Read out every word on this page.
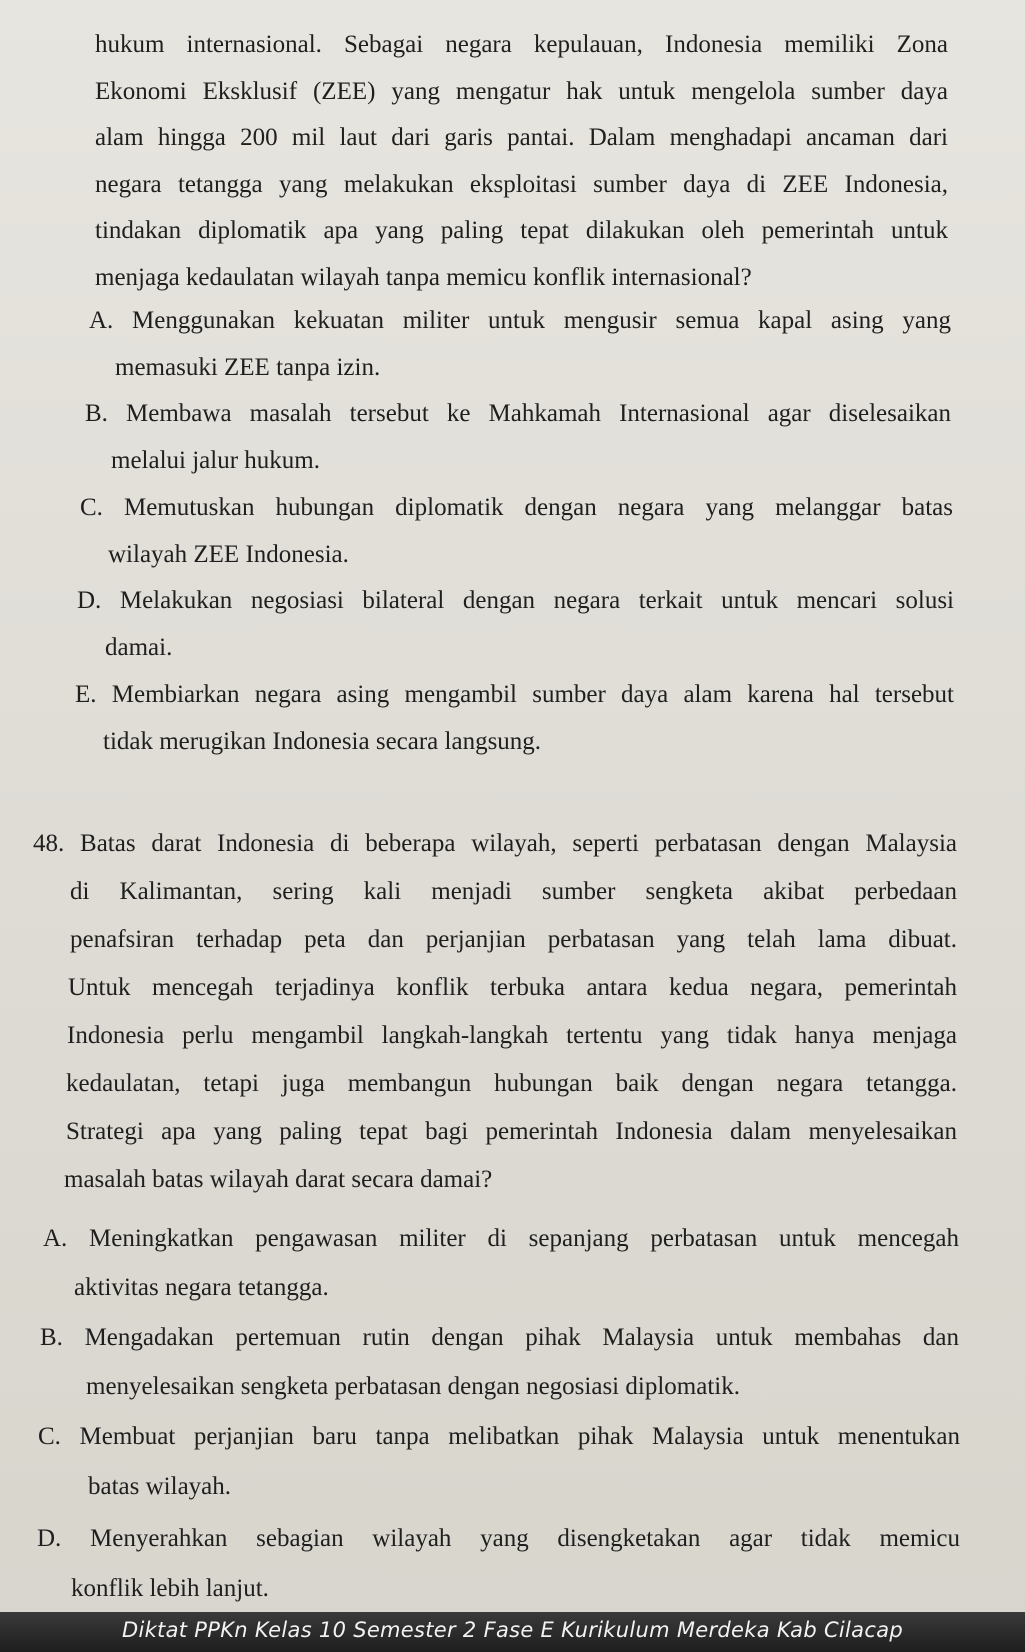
hukum internasional. Sebagai negara kepulauan, Indonesia memiliki Zona
Ekonomi Eksklusif (ZEE) yang mengatur hak untuk mengelola sumber daya
alam hingga 200 mil laut dari garis pantai. Dalam menghadapi ancaman dari
negara tetangga yang melakukan eksploitasi sumber daya di ZEE Indonesia,
tindakan diplomatik apa yang paling tepat dilakukan oleh pemerintah untuk
menjaga kedaulatan wilayah tanpa memicu konflik internasional?
A. Menggunakan kekuatan militer untuk mengusir semua kapal asing yang
memasuki ZEE tanpa izin.
B. Membawa masalah tersebut ke Mahkamah Internasional agar diselesaikan
melalui jalur hukum.
C. Memutuskan hubungan diplomatik dengan negara yang melanggar batas
wilayah ZEE Indonesia.
D. Melakukan negosiasi bilateral dengan negara terkait untuk mencari solusi
damai.
E. Membiarkan negara asing mengambil sumber daya alam karena hal tersebut
tidak merugikan Indonesia secara langsung.
48. Batas darat Indonesia di beberapa wilayah, seperti perbatasan dengan Malaysia
di Kalimantan, sering kali menjadi sumber sengketa akibat perbedaan
penafsiran terhadap peta dan perjanjian perbatasan yang telah lama dibuat.
Untuk mencegah terjadinya konflik terbuka antara kedua negara, pemerintah
Indonesia perlu mengambil langkah-langkah tertentu yang tidak hanya menjaga
kedaulatan, tetapi juga membangun hubungan baik dengan negara tetangga.
Strategi apa yang paling tepat bagi pemerintah Indonesia dalam menyelesaikan
masalah batas wilayah darat secara damai?
A. Meningkatkan pengawasan militer di sepanjang perbatasan untuk mencegah
aktivitas negara tetangga.
B. Mengadakan pertemuan rutin dengan pihak Malaysia untuk membahas dan
menyelesaikan sengketa perbatasan dengan negosiasi diplomatik.
C. Membuat perjanjian baru tanpa melibatkan pihak Malaysia untuk menentukan
batas wilayah.
D. Menyerahkan sebagian wilayah yang disengketakan agar tidak memicu
konflik lebih lanjut.
Diktat PPKn Kelas 10 Semester 2 Fase E Kurikulum Merdeka Kab Cilacap
